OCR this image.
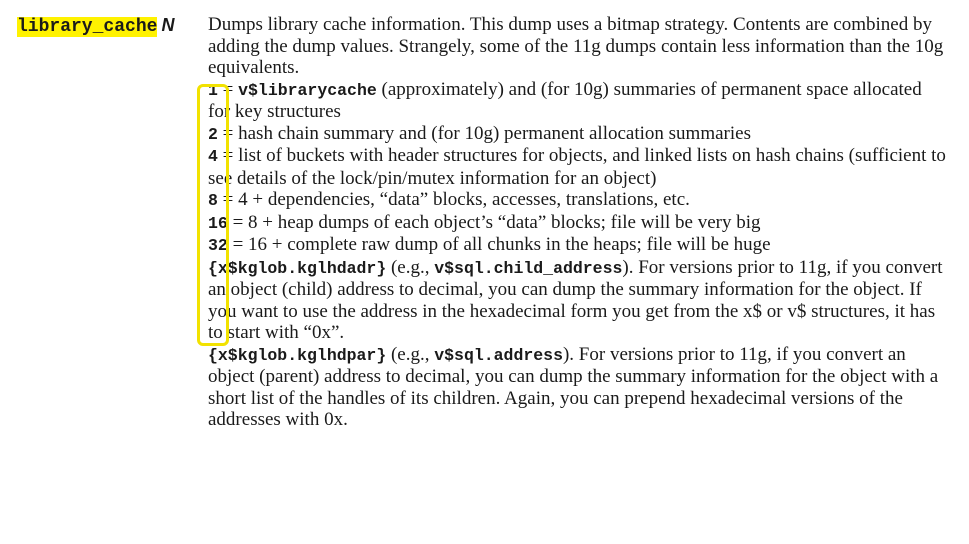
library_cache N Dumps library cache information. This dump uses a bitmap strategy. Contents are combined by adding the dump values. Strangely, some of the 11g dumps contain less information than the 10g equivalents.

1 = v$librarycache (approximately) and (for 10g) summaries of permanent space allocated for key structures

2 = hash chain summary and (for 10g) permanent allocation summaries

4 = list of buckets with header structures for objects, and linked lists on hash chains (sufficient to see details of the lock/pin/mutex information for an object)

8 = 4 + dependencies, “data” blocks, accesses, translations, etc.

16 = 8 + heap dumps of each object’s “data” blocks; file will be very big

32 = 16 + complete raw dump of all chunks in the heaps; file will be huge

{x$kglob.kglhdadr} (e.g., v$sql.child_address). For versions prior to 11g, if you convert an object (child) address to decimal, you can dump the summary information for the object. If you want to use the address in the hexadecimal form you get from the x$ or v$ structures, it has to start with “0x”.

{x$kglob.kglhdpar} (e.g., v$sql.address). For versions prior to 11g, if you convert an object (parent) address to decimal, you can dump the summary information for the object with a short list of the handles of its children. Again, you can prepend hexadecimal versions of the addresses with 0x.
